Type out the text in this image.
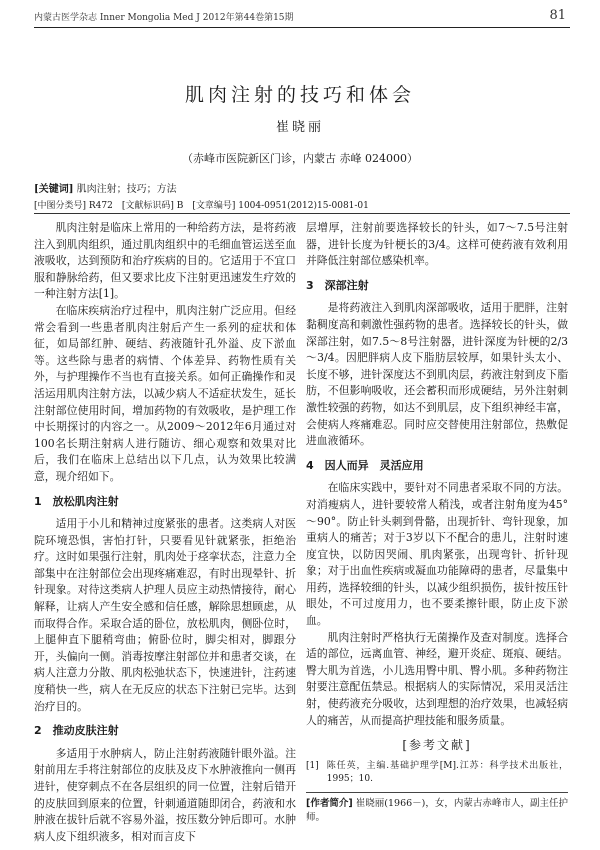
内蒙古医学杂志 Inner Mongolia Med J 2012年第44卷第15期	81
肌肉注射的技巧和体会
崔晓丽
（赤峰市医院新区门诊，内蒙古 赤峰 024000）
[关键词] 肌肉注射；技巧；方法
[中图分类号] R472　[文献标识码] B　[文章编号] 1004-0951(2012)15-0081-01

肌肉注射是临床上常用的一种给药方法，是将药液注入到肌肉组织，通过肌肉组织中的毛细血管运送至血液吸收，达到预防和治疗疾病的目的。它适用于不宜口服和静脉给药，但又要求比皮下注射更迅速发生疗效的一种注射方法[1]。

在临床疾病治疗过程中，肌肉注射广泛应用。但经常会看到一些患者肌肉注射后产生一系列的症状和体征，如局部红肿、硬结、药液随针孔外溢、皮下淤血等。这些除与患者的病情、个体差异、药物性质有关外，与护理操作不当也有直接关系。如何正确操作和灵活运用肌肉注射方法，以减少病人不适症状发生，延长注射部位使用时间，增加药物的有效吸收，是护理工作中长期探讨的内容之一。从2009～2012年6月通过对100名长期注射病人进行随访、细心观察和效果对比后，我们在临床上总结出以下几点，认为效果比较满意，现介绍如下。

1　放松肌肉注射

适用于小儿和精神过度紧张的患者。这类病人对医院环境恐惧，害怕打针，只要看见针就紧张，拒绝治疗。这时如果强行注射，肌肉处于痉挛状态，注意力全部集中在注射部位会出现疼痛难忍，有时出现晕针、折针现象。对待这类病人护理人员应主动热情接待，耐心解释，让病人产生安全感和信任感，解除思想顾虑，从而取得合作。采取合适的卧位，放松肌肉，侧卧位时，上腿伸直下腿稍弯曲；俯卧位时，脚尖相对，脚跟分开，头偏向一侧。消毒按摩注射部位并和患者交谈，在病人注意力分散、肌肉松弛状态下，快速进针，注药速度稍快一些，病人在无反应的状态下注射已完毕。达到治疗目的。

2　推动皮肤注射

多适用于水肿病人，防止注射药液随针眼外溢。注射前用左手将注射部位的皮肤及皮下水肿液推向一侧再进针，使穿刺点不在各层组织的同一位置，注射后错开的皮肤回到原来的位置，针刺通道随即闭合，药液和水肿液在拔针后就不容易外溢，按压数分钟后即可。水肿病人皮下组织液多，相对而言皮下

层增厚，注射前要选择较长的针头，如7～7.5号注射器，进针长度为针梗长的3/4。这样可使药液有效利用并降低注射部位感染机率。

3　深部注射

是将药液注入到肌肉深部吸收，适用于肥胖，注射黏稠度高和刺激性强药物的患者。选择较长的针头，做深部注射，如7.5～8号注射器，进针深度为针梗的2/3～3/4。因肥胖病人皮下脂肪层较厚，如果针头太小、长度不够，进针深度达不到肌肉层，药液注射到皮下脂肪，不但影响吸收，还会蓄积而形成硬结，另外注射刺激性较强的药物，如达不到肌层，皮下组织神经丰富，会使病人疼痛难忍。同时应交替使用注射部位，热敷促进血液循环。

4　因人而异　灵活应用

在临床实践中，要针对不同患者采取不同的方法。对消瘦病人，进针要较常人稍浅，或者注射角度为45°～90°。防止针头刺到骨骼，出现折针、弯针现象，加重病人的痛苦；对于3岁以下不配合的患儿，注射时速度宜快，以防因哭闹、肌肉紧张，出现弯针、折针现象；对于出血性疾病或凝血功能障碍的患者，尽量集中用药，选择较细的针头，以减少组织损伤，拔针按压针眼处，不可过度用力，也不要柔擦针眼，防止皮下淤血。

肌肉注射时严格执行无菌操作及查对制度。选择合适的部位，远离血管、神经，避开炎症、斑痕、硬结。臀大肌为首选，小儿选用臀中肌、臀小肌。多种药物注射要注意配伍禁忌。根据病人的实际情况，采用灵活注射，使药液充分吸收，达到理想的治疗效果，也减轻病人的痛苦，从而提高护理技能和服务质量。

[参考文献]
[1] 陈任英，主编.基础护理学[M].江苏：科学技术出版社，1995；10.
[作者简介] 崔晓丽(1966－)，女，内蒙古赤峰市人，副主任护师。
